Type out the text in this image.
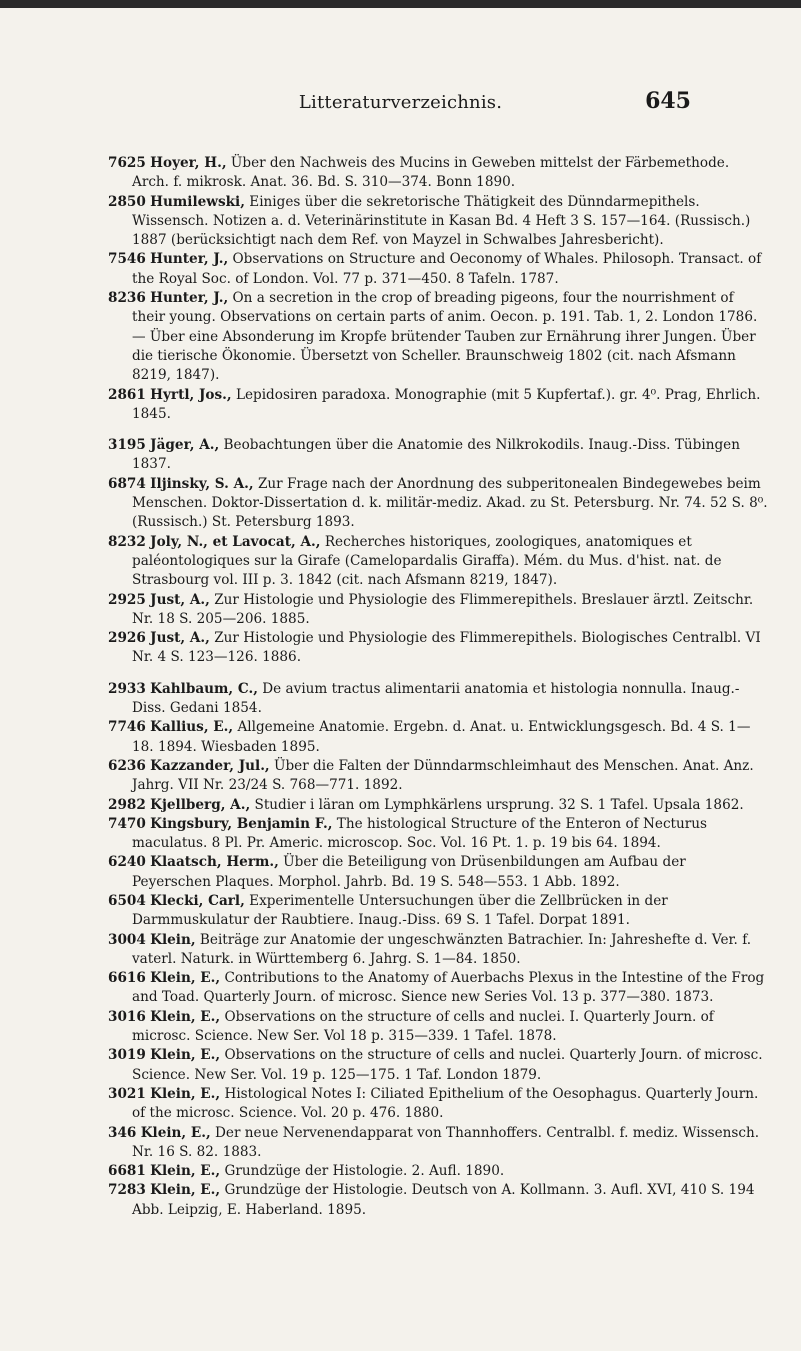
Litteraturverzeichnis.	645

7625 Hoyer, H., Über den Nachweis des Mucins in Geweben mittelst der Färbemethode. Arch. f. mikrosk. Anat. 36. Bd. S. 310—374. Bonn 1890.

2850 Humilewski, Einiges über die sekretorische Thätigkeit des Dünndarmepithels. Wissensch. Notizen a. d. Veterinärinstitute in Kasan Bd. 4 Heft 3 S. 157—164. (Russisch.) 1887 (berücksichtigt nach dem Ref. von Mayzel in Schwalbes Jahresbericht).

7546 Hunter, J., Observations on Structure and Oeconomy of Whales. Philosoph. Transact. of the Royal Soc. of London. Vol. 77 p. 371—450. 8 Tafeln. 1787.

8236 Hunter, J., On a secretion in the crop of breading pigeons, four the nourrishment of their young. Observations on certain parts of anim. Oecon. p. 191. Tab. 1, 2. London 1786. — Über eine Absonderung im Kropfe brütender Tauben zur Ernährung ihrer Jungen. Über die tierische Ökonomie. Übersetzt von Scheller. Braunschweig 1802 (cit. nach Afsmann 8219, 1847).

2861 Hyrtl, Jos., Lepidosiren paradoxa. Monographie (mit 5 Kupfertaf.). gr. 4⁰. Prag, Ehrlich. 1845.

3195 Jäger, A., Beobachtungen über die Anatomie des Nilkrokodils. Inaug.-Diss. Tübingen 1837.

6874 Iljinsky, S. A., Zur Frage nach der Anordnung des subperitonealen Bindegewebes beim Menschen. Doktor-Dissertation d. k. militär-mediz. Akad. zu St. Petersburg. Nr. 74. 52 S. 8⁰. (Russisch.) St. Petersburg 1893.

8232 Joly, N., et Lavocat, A., Recherches historiques, zoologiques, anatomiques et paléontologiques sur la Girafe (Camelopardalis Giraffa). Mém. du Mus. d'hist. nat. de Strasbourg vol. III p. 3. 1842 (cit. nach Afsmann 8219, 1847).

2925 Just, A., Zur Histologie und Physiologie des Flimmerepithels. Breslauer ärztl. Zeitschr. Nr. 18 S. 205—206. 1885.

2926 Just, A., Zur Histologie und Physiologie des Flimmerepithels. Biologisches Centralbl. VI Nr. 4 S. 123—126. 1886.

2933 Kahlbaum, C., De avium tractus alimentarii anatomia et histologia nonnulla. Inaug.-Diss. Gedani 1854.

7746 Kallius, E., Allgemeine Anatomie. Ergebn. d. Anat. u. Entwicklungsgesch. Bd. 4 S. 1—18. 1894. Wiesbaden 1895.

6236 Kazzander, Jul., Über die Falten der Dünndarmschleimhaut des Menschen. Anat. Anz. Jahrg. VII Nr. 23/24 S. 768—771. 1892.

2982 Kjellberg, A., Studier i läran om Lymphkärlens ursprung. 32 S. 1 Tafel. Upsala 1862.

7470 Kingsbury, Benjamin F., The histological Structure of the Enteron of Necturus maculatus. 8 Pl. Pr. Americ. microscop. Soc. Vol. 16 Pt. 1. p. 19 bis 64. 1894.

6240 Klaatsch, Herm., Über die Beteiligung von Drüsenbildungen am Aufbau der Peyerschen Plaques. Morphol. Jahrb. Bd. 19 S. 548—553. 1 Abb. 1892.

6504 Klecki, Carl, Experimentelle Untersuchungen über die Zellbrücken in der Darmmuskulatur der Raubtiere. Inaug.-Diss. 69 S. 1 Tafel. Dorpat 1891.

3004 Klein, Beiträge zur Anatomie der ungeschwänzten Batrachier. In: Jahreshefte d. Ver. f. vaterl. Naturk. in Württemberg 6. Jahrg. S. 1—84. 1850.

6616 Klein, E., Contributions to the Anatomy of Auerbachs Plexus in the Intestine of the Frog and Toad. Quarterly Journ. of microsc. Sience new Series Vol. 13 p. 377—380. 1873.

3016 Klein, E., Observations on the structure of cells and nuclei. I. Quarterly Journ. of microsc. Science. New Ser. Vol 18 p. 315—339. 1 Tafel. 1878.

3019 Klein, E., Observations on the structure of cells and nuclei. Quarterly Journ. of microsc. Science. New Ser. Vol. 19 p. 125—175. 1 Taf. London 1879.

3021 Klein, E., Histological Notes I: Ciliated Epithelium of the Oesophagus. Quarterly Journ. of the microsc. Science. Vol. 20 p. 476. 1880.

346 Klein, E., Der neue Nervenendapparat von Thannhoffers. Centralbl. f. mediz. Wissensch. Nr. 16 S. 82. 1883.

6681 Klein, E., Grundzüge der Histologie. 2. Aufl. 1890.

7283 Klein, E., Grundzüge der Histologie. Deutsch von A. Kollmann. 3. Aufl. XVI, 410 S. 194 Abb. Leipzig, E. Haberland. 1895.
